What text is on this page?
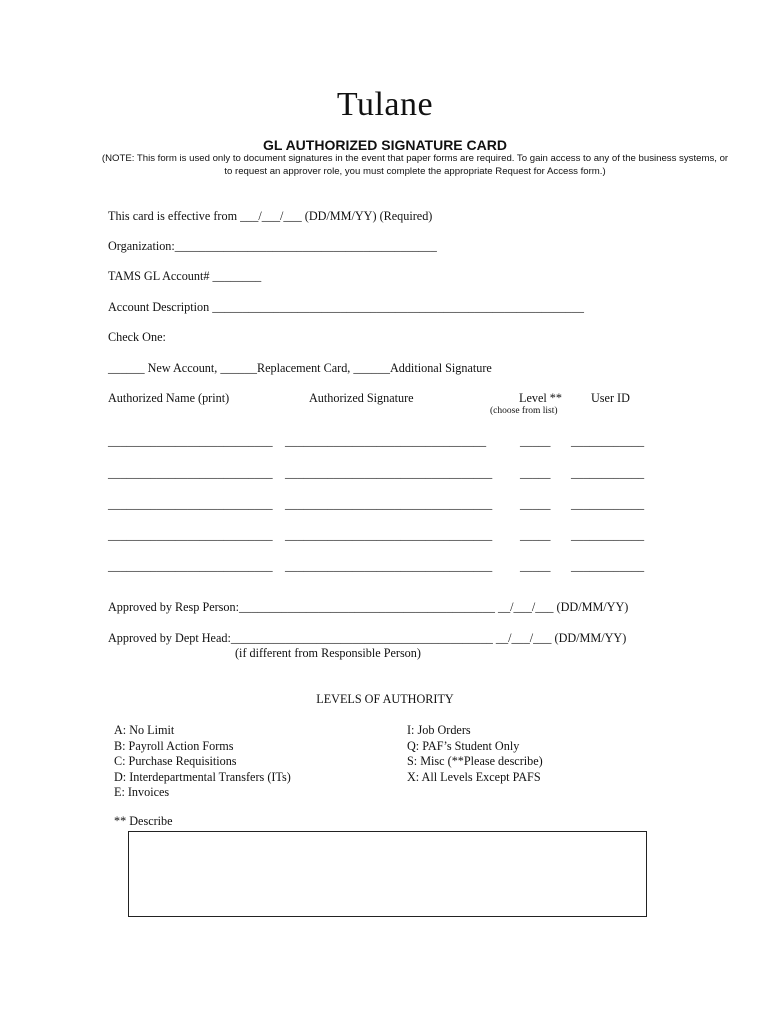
Tulane
GL AUTHORIZED SIGNATURE CARD
(NOTE: This form is used only to document signatures in the event that paper forms are required. To gain access to any of the business systems, or to request an approver role, you must complete the appropriate Request for Access form.)
This card is effective from ___/___/___ (DD/MM/YY) (Required)
Organization:___________________________________________
TAMS GL Account# ________
Account Description _____________________________________________________________
Check One:
______ New Account, ______Replacement Card, ______Additional Signature
Authorized Name (print)	Authorized Signature	Level ** User ID
(choose from list)
___________________________ _________________________________	_____ ____________
___________________________ __________________________________ _____ ____________
___________________________ __________________________________ _____ ____________
___________________________ __________________________________ _____ ____________
___________________________ __________________________________ _____ ____________
Approved by Resp Person:__________________________________________ __/___/___ (DD/MM/YY)
Approved by Dept Head:___________________________________________ __/___/___ (DD/MM/YY)
(if different from Responsible Person)
LEVELS OF AUTHORITY
A: No Limit
B: Payroll Action Forms
C: Purchase Requisitions
D: Interdepartmental Transfers (ITs)
E: Invoices
I: Job Orders
Q: PAF’s Student Only
S: Misc (**Please describe)
X: All Levels Except PAFS
** Describe
